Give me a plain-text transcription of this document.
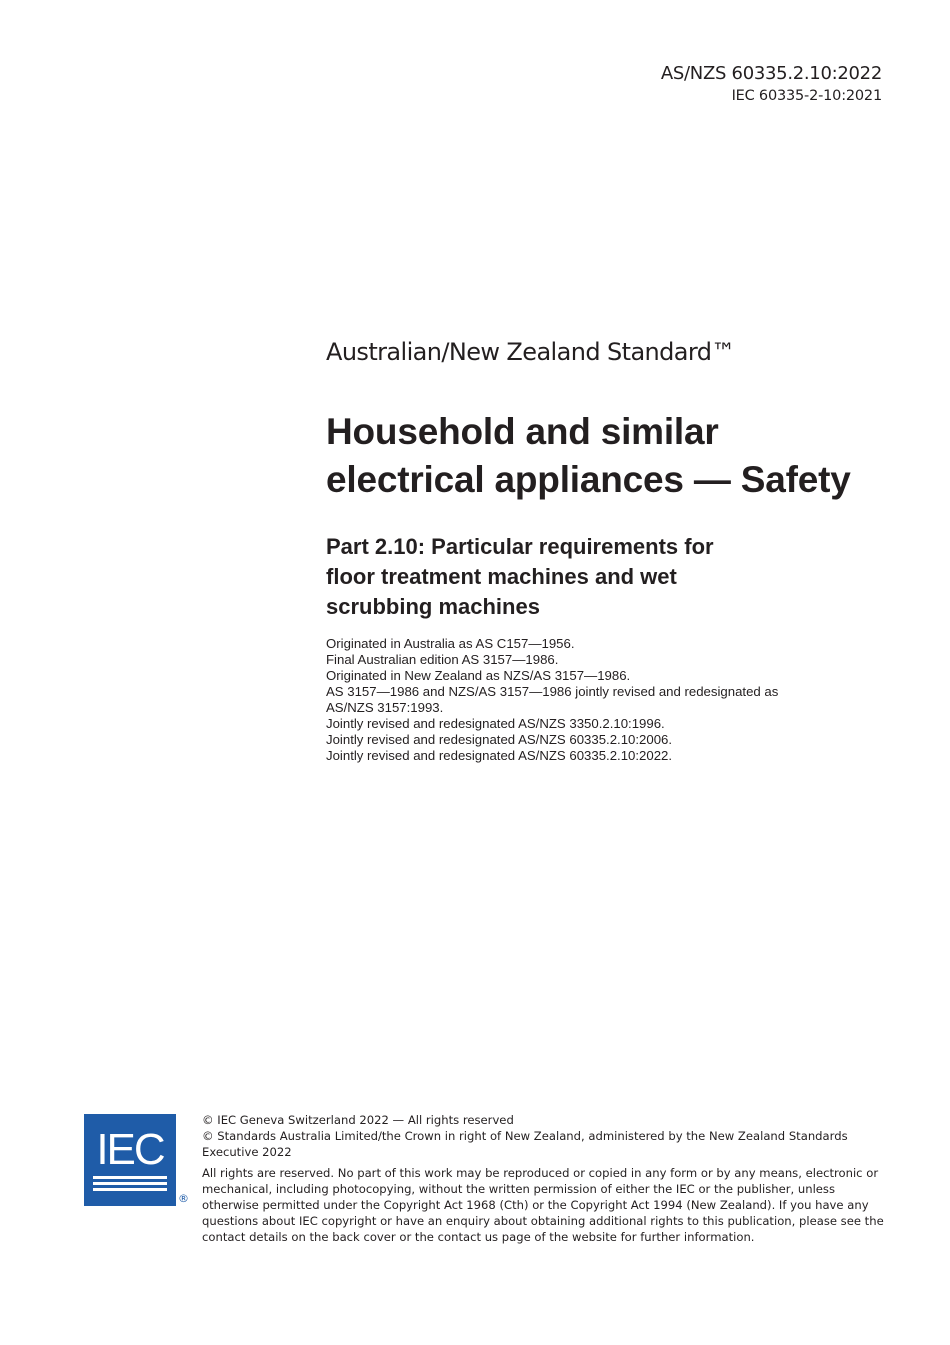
AS/NZS 60335.2.10:2022
IEC 60335-2-10:2021
Australian/New Zealand Standard™
Household and similar
electrical appliances — Safety
Part 2.10: Particular requirements for
floor treatment machines and wet
scrubbing machines
Originated in Australia as AS C157—1956.
Final Australian edition AS 3157—1986.
Originated in New Zealand as NZS/AS 3157—1986.
AS 3157—1986 and NZS/AS 3157—1986 jointly revised and redesignated as
AS/NZS 3157:1993.
Jointly revised and redesignated AS/NZS 3350.2.10:1996.
Jointly revised and redesignated AS/NZS 60335.2.10:2006.
Jointly revised and redesignated AS/NZS 60335.2.10:2022.
IEC
®

© IEC Geneva Switzerland 2022 — All rights reserved

© Standards Australia Limited/the Crown in right of New Zealand, administered by the New Zealand Standards Executive 2022

All rights are reserved. No part of this work may be reproduced or copied in any form or by any means, electronic or mechanical, including photocopying, without the written permission of either the IEC or the publisher, unless otherwise permitted under the Copyright Act 1968 (Cth) or the Copyright Act 1994 (New Zealand). If you have any questions about IEC copyright or have an enquiry about obtaining additional rights to this publication, please see the contact details on the back cover or the contact us page of the website for further information.
